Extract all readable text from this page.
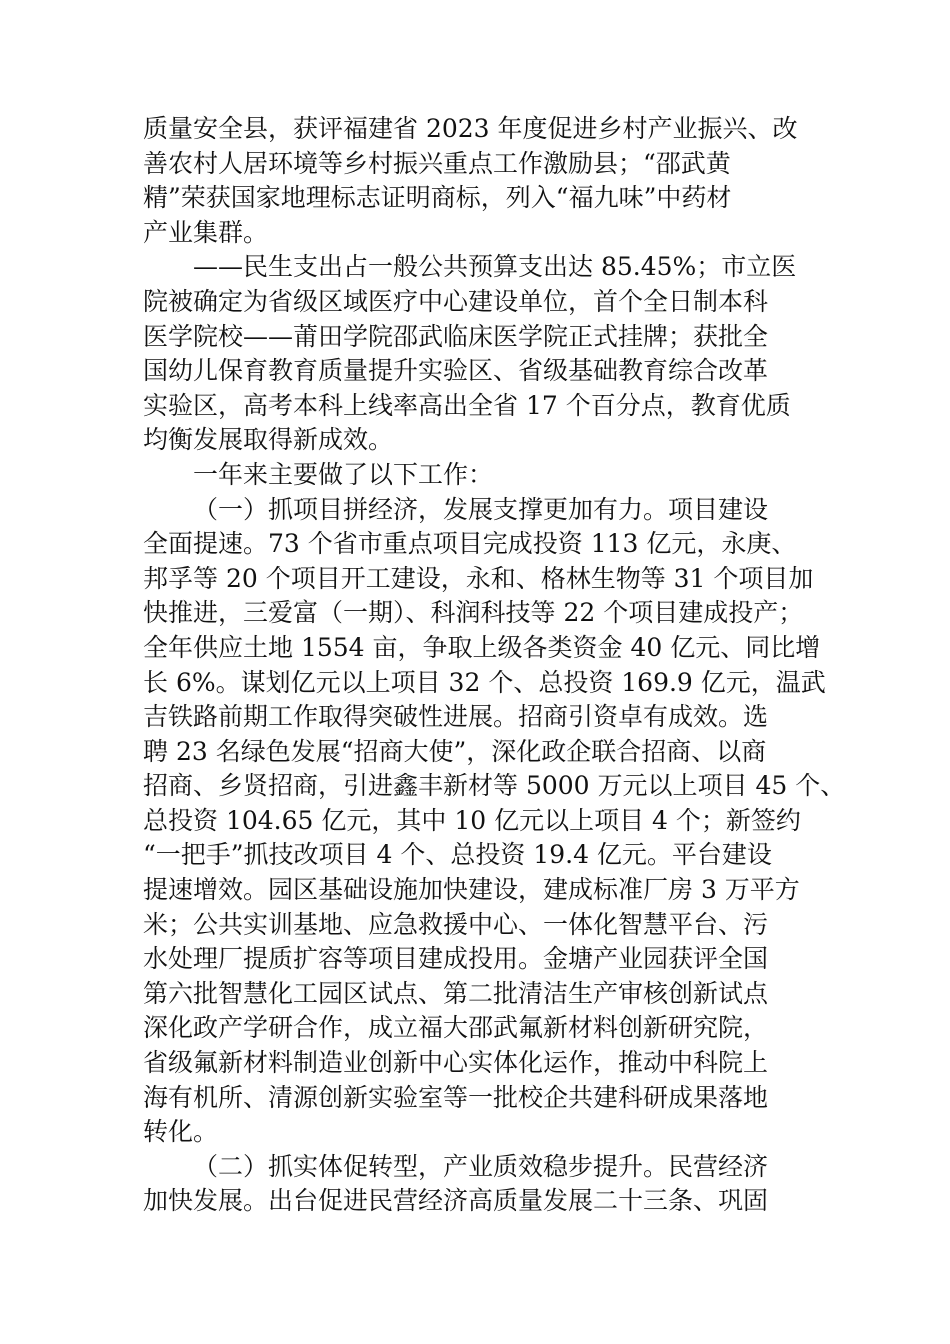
质量安全县，获评福建省 2023 年度促进乡村产业振兴、改
善农村人居环境等乡村振兴重点工作激励县；“邵武黄
精”荣获国家地理标志证明商标，列入“福九味”中药材
产业集群。
——民生支出占一般公共预算支出达 85.45%；市立医
院被确定为省级区域医疗中心建设单位，首个全日制本科
医学院校——莆田学院邵武临床医学院正式挂牌；获批全
国幼儿保育教育质量提升实验区、省级基础教育综合改革
实验区，高考本科上线率高出全省 17 个百分点，教育优质
均衡发展取得新成效。
一年来主要做了以下工作：
（一）抓项目拼经济，发展支撑更加有力。项目建设
全面提速。73 个省市重点项目完成投资 113 亿元，永庚、
邦孚等 20 个项目开工建设，永和、格林生物等 31 个项目加
快推进，三爱富（一期）、科润科技等 22 个项目建成投产；
全年供应土地 1554 亩，争取上级各类资金 40 亿元、同比增
长 6%。谋划亿元以上项目 32 个、总投资 169.9 亿元，温武
吉铁路前期工作取得突破性进展。招商引资卓有成效。选
聘 23 名绿色发展“招商大使”，深化政企联合招商、以商
招商、乡贤招商，引进鑫丰新材等 5000 万元以上项目 45 个、
总投资 104.65 亿元，其中 10 亿元以上项目 4 个；新签约
“一把手”抓技改项目 4 个、总投资 19.4 亿元。平台建设
提速增效。园区基础设施加快建设，建成标准厂房 3 万平方
米；公共实训基地、应急救援中心、一体化智慧平台、污
水处理厂提质扩容等项目建成投用。金塘产业园获评全国
第六批智慧化工园区试点、第二批清洁生产审核创新试点
深化政产学研合作，成立福大邵武氟新材料创新研究院，
省级氟新材料制造业创新中心实体化运作，推动中科院上
海有机所、清源创新实验室等一批校企共建科研成果落地
转化。
（二）抓实体促转型，产业质效稳步提升。民营经济
加快发展。出台促进民营经济高质量发展二十三条、巩固
